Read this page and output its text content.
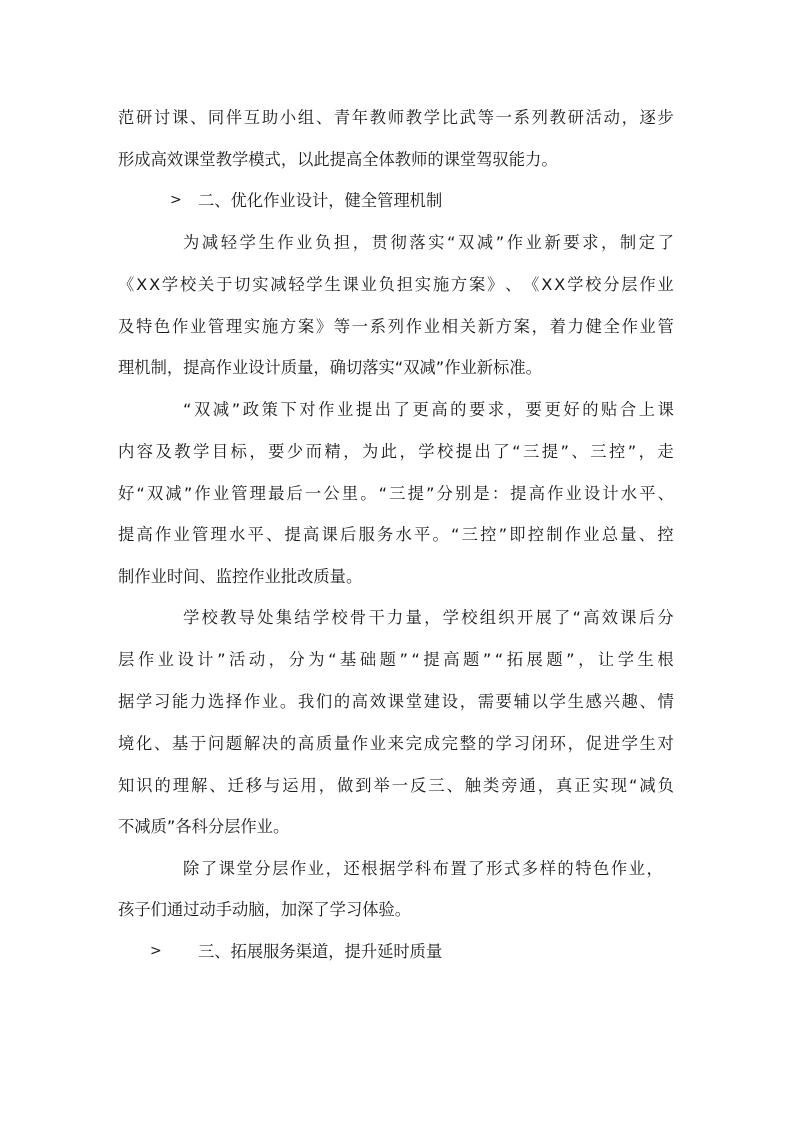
范 研 讨 课 、 同 伴 互 助 小 组 、 青 年 教 师 教 学 比 武 等 一 系 列 教 研 活 动 ， 逐 步
形成高效课堂教学模式，以此提高全体教师的课堂驾驭能力。
> 二、优化作业设计，健全管理机制
为 减 轻 学 生 作 业 负 担 ， 贯 彻 落 实 “ 双 减 ” 作 业 新 要 求 ， 制 定 了
《 X X 学 校 关 于 切 实 减 轻 学 生 课 业 负 担 实 施 方 案 》 、 《 X X 学 校 分 层 作 业
及 特 色 作 业 管 理 实 施 方 案 》 等 一 系 列 作 业 相 关 新 方 案 ， 着 力 健 全 作 业 管
理机制，提高作业设计质量，确切落实“双减”作业新标准。
“ 双 减 ” 政 策 下 对 作 业 提 出 了 更 高 的 要 求 ， 要 更 好 的 贴 合 上 课
内 容 及 教 学 目 标 ， 要 少 而 精 ， 为 此 ， 学 校 提 出 了 “ 三 提 ” 、 三 控 ” ， 走
好 “ 双 减 ” 作 业 管 理 最 后 一 公 里 。 “ 三 提 ” 分 别 是 ： 提 高 作 业 设 计 水 平 、
提 高 作 业 管 理 水 平 、 提 高 课 后 服 务 水 平 。 “ 三 控 ” 即 控 制 作 业 总 量 、 控
制作业时间、监控作业批改质量。
学 校 教 导 处 集 结 学 校 骨 干 力 量 ， 学 校 组 织 开 展 了 “ 高 效 课 后 分
层 作 业 设 计 ” 活 动 ， 分 为 “ 基 础 题 ” “ 提 高 题 ” “ 拓 展 题 ” ， 让 学 生 根
据 学 习 能 力 选 择 作 业 。 我 们 的 高 效 课 堂 建 设 ， 需 要 辅 以 学 生 感 兴 趣 、 情
境 化 、 基 于 问 题 解 决 的 高 质 量 作 业 来 完 成 完 整 的 学 习 闭 环 ， 促 进 学 生 对
知 识 的 理 解 、 迁 移 与 运 用 ， 做 到 举 一 反 三 、 触 类 旁 通 ， 真 正 实 现 “ 减 负
不减质”各科分层作业。
除 了 课 堂 分 层 作 业 ， 还 根 据 学 科 布 置 了 形 式 多 样 的 特 色 作 业 ，
孩子们通过动手动脑，加深了学习体验。
> 三、拓展服务渠道，提升延时质量
